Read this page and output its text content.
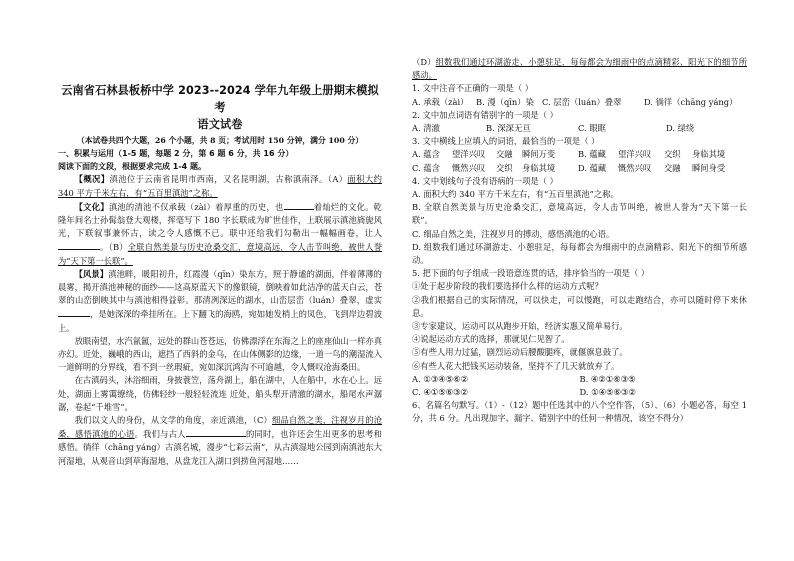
云南省石林县板桥中学 2023--2024 学年九年级上册期末模拟考

语文试卷

（本试卷共四个大题，26 个小题，共 8 页；考试用时 150 分钟，满分 100 分）

一、积累与运用（1-5 题，每题 2 分，第 6 题 6 分，共 16 分）

阅读下面的文段，根据要求完成 1-4 题。

【概况】滇池位于云南省昆明市西南，又名昆明湖，古称滇南泽。（A）面积大约 340 平方千米左右，有“五百里滇池”之称。

【文化】滇池的清池不仅承载（zài）着厚重的历史，也	着灿烂的文化。乾隆年间名士孙髯翁登大观楼，挥毫写下 180 字长联成为旷世佳作，上联展示滇池旖旎风光，下联叙事兼怀古，读之令人感慨不已。联中还给我们勾勒出一幅幅画卷，让人。（B）全联自然美景与历史沧桑交汇，意境高远，令人击节叫绝，被世人誉为“天下第一长联”。

【风景】滇池畔，暖阳初升，红霞漫（qīn）染东方，照于静谧的湖面，伴着薄薄的晨雾，揭开滇池神秘的面纱——这高原蓝天下的像银镜，倒映着如此洁净的蓝天白云，苍翠的山峦倒映其中与滇池相得益彰。那清冽深远的湖水，山峦层峦（luán）叠翠，虚实，是她深深的牵挂所在。上下翻飞的海鸥，宛如她发梢上的凤色，飞到岸边碧波上。

放眼南望，水汽氤氲，远处的群山苍苍远，仿佛漂浮在东海之上的座座仙山一样亦真亦幻。近处，巍峨的西山，遮挡了西斜的金乌，在山体侧影的边缘，一道一鸟的潮湿流入一道鲜明的分界线，看不到一丝瑕疵，宛如深沉鸿沟不可逾越，令人慨叹沧海桑田。

在古滇码头，沐浴细雨，身披蓑笠，荡舟湖上，船在湖中，人在船中，水在心上。远处，湖面上雾霭缭绕，仿佛轻纱一般轻轻流连 近处，船头犁开清澈的湖水，船尾水声潺潺，卷起“千堆雪”。

我们以文人的身份，从文学的角度，亲近滇池，（C）细品自然之美，注视岁月的沧桑，感悟滇池的心语。我们与古人	的同时，也许还会生出更多的思考和感悟。徜徉（chāng yáng）古滇名城，漫步“七彩云南”，从古滇湿地公园到南滇池东大河湿地，从观音山到草海湿地，从盘龙江入湖口到捞鱼河湿地……

（D）组数我们通过环湖游走、小憩驻足，每每都会为细雨中的点滴精彩、阳光下的细节所感动。

1. 文中注音不正确的一项是（ ）

A. 承载（zài） B. 漫（qīn）染 C. 层峦（luán）叠翠	D. 徜徉（chāng yáng）

2. 文中加点词语有错别字的一项是（ ）

A. 清澈	B. 深深无亘	C. 眼眶	D. 绿绕

3. 文中横线上应填入的词语，最恰当的一项是（ ）

A. 蕴含	望洋兴叹	交融	瞬间万变	B. 蕴藏	望洋兴叹	交织	身临其境

C. 蕴含	慨然兴叹	交织	身临其境	D. 蕴藏	慨然兴叹	交融	瞬间身受

4. 文中划线句子没有语病的一项是（ ）

A. 面积大约 340 平方千米左右，有“五百里滇池”之称。

B. 全联自然美景与历史沧桑交汇，意境高远，令人击节叫绝，被世人誉为“天下第一长联”。

C. 细品自然之美，注视岁月的搏动，感悟滇池的心语。

D. 组数我们通过环湖游走、小憩驻足，每每都会为细雨中的点滴精彩、阳光下的细节所感动。

5. 把下面的句子组成一段语意连贯的话，排序恰当的一项是（ ）

①处于起步阶段的我们要选择什么样的运动方式呢？

②我们根据自己的实际情况，可以快走，可以慢跑，可以走跑结合，亦可以随时停下来休息。

③专家建议，运动可以从跑步开始，经济实惠又简单易行。

④说起运动方式的选择，那就见仁见智了。

⑤有些人用力过猛，剧烈运动后腰酸腿疼，就偃旗息鼓了。

⑥有些人花大把钱买运动装备，坚持不了几天就放弃了。

A. ①③④⑤⑥②	B. ④②①⑥③⑤

C. ④①⑤⑥③②	D. ①④⑤⑥③②

6、名篇名句默写。（1）-（12）题中任选其中的八个空作答，（5）、（6）小题必答，每空 1 分，共 6 分。凡出现加字、漏字、错别字中的任何一种情况，该空不得分）
